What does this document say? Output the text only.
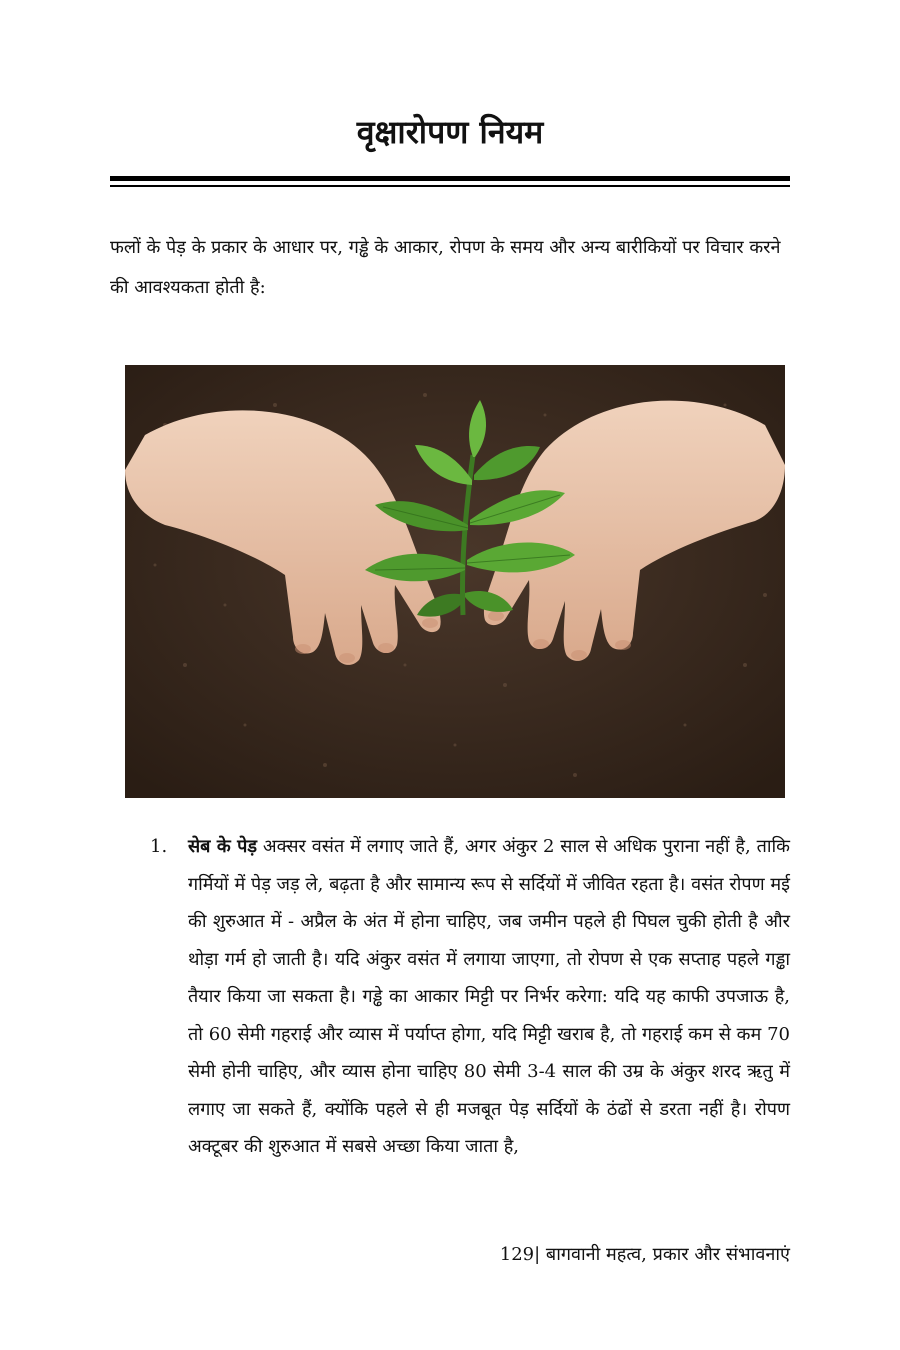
वृक्षारोपण नियम

फलों के पेड़ के प्रकार के आधार पर, गड्ढे के आकार, रोपण के समय और अन्य बारीकियों पर विचार करने की आवश्यकता होती है:

1. सेब के पेड़ अक्सर वसंत में लगाए जाते हैं, अगर अंकुर 2 साल से अधिक पुराना नहीं है, ताकि गर्मियों में पेड़ जड़ ले, बढ़ता है और सामान्य रूप से सर्दियों में जीवित रहता है। वसंत रोपण मई की शुरुआत में - अप्रैल के अंत में होना चाहिए, जब जमीन पहले ही पिघल चुकी होती है और थोड़ा गर्म हो जाती है। यदि अंकुर वसंत में लगाया जाएगा, तो रोपण से एक सप्ताह पहले गड्ढा तैयार किया जा सकता है। गड्ढे का आकार मिट्टी पर निर्भर करेगा: यदि यह काफी उपजाऊ है, तो 60 सेमी गहराई और व्यास में पर्याप्त होगा, यदि मिट्टी खराब है, तो गहराई कम से कम 70 सेमी होनी चाहिए, और व्यास होना चाहिए 80 सेमी 3-4 साल की उम्र के अंकुर शरद ऋतु में लगाए जा सकते हैं, क्योंकि पहले से ही मजबूत पेड़ सर्दियों के ठंढों से डरता नहीं है। रोपण अक्टूबर की शुरुआत में सबसे अच्छा किया जाता है,
129| बागवानी महत्व, प्रकार और संभावनाएं
